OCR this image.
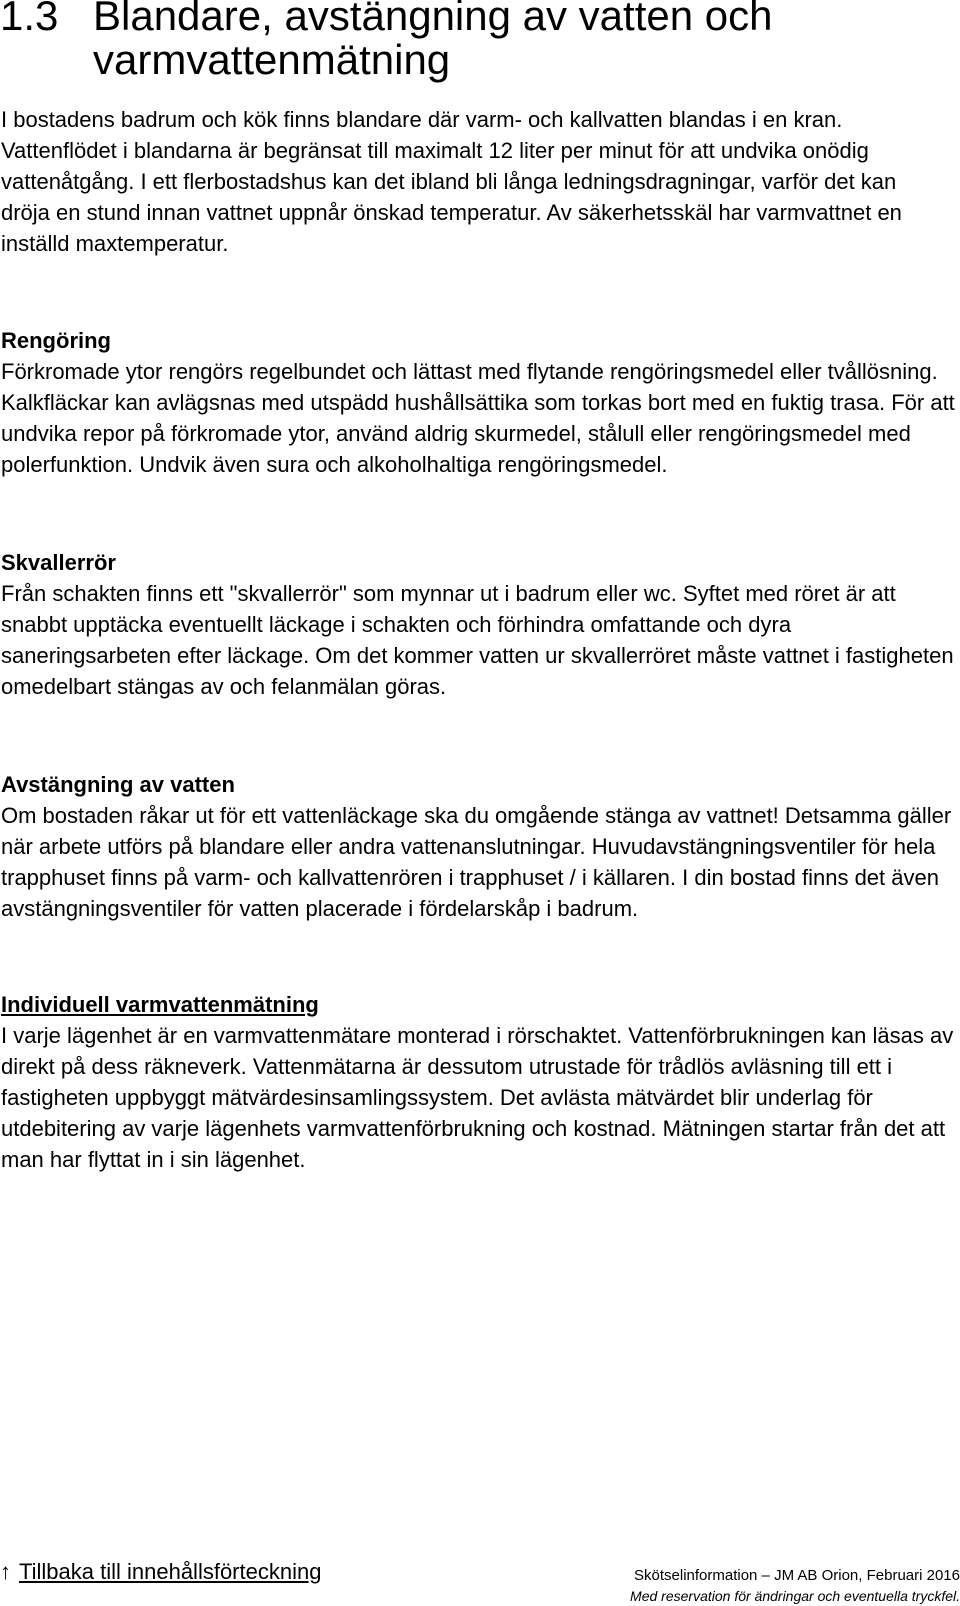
1.3 Blandare, avstängning av vatten och varmvattenmätning

I bostadens badrum och kök finns blandare där varm- och kallvatten blandas i en kran. Vattenflödet i blandarna är begränsat till maximalt 12 liter per minut för att undvika onödig vattenåtgång. I ett flerbostadshus kan det ibland bli långa ledningsdragningar, varför det kan dröja en stund innan vattnet uppnår önskad temperatur. Av säkerhetsskäl har varmvattnet en inställd maxtemperatur.

Rengöring

Förkromade ytor rengörs regelbundet och lättast med flytande rengöringsmedel eller tvållösning. Kalkfläckar kan avlägsnas med utspädd hushållsättika som torkas bort med en fuktig trasa. För att undvika repor på förkromade ytor, använd aldrig skurmedel, stålull eller rengöringsmedel med polerfunktion. Undvik även sura och alkoholhaltiga rengöringsmedel.

Skvallerrör

Från schakten finns ett "skvallerrör" som mynnar ut i badrum eller wc. Syftet med röret är att snabbt upptäcka eventuellt läckage i schakten och förhindra omfattande och dyra saneringsarbeten efter läckage. Om det kommer vatten ur skvallerröret måste vattnet i fastigheten omedelbart stängas av och felanmälan göras.

Avstängning av vatten

Om bostaden råkar ut för ett vattenläckage ska du omgående stänga av vattnet! Detsamma gäller när arbete utförs på blandare eller andra vattenanslutningar. Huvudavstängningsventiler för hela trapphuset finns på varm- och kallvattenrören i trapphuset / i källaren. I din bostad finns det även avstängningsventiler för vatten placerade i fördelarskåp i badrum.

Individuell varmvattenmätning

I varje lägenhet är en varmvattenmätare monterad i rörschaktet. Vattenförbrukningen kan läsas av direkt på dess räkneverk. Vattenmätarna är dessutom utrustade för trådlös avläsning till ett i fastigheten uppbyggt mätvärdesinsamlingssystem. Det avlästa mätvärdet blir underlag för utdebitering av varje lägenhets varmvattenförbrukning och kostnad. Mätningen startar från det att man har flyttat in i sin lägenhet.

↑ Tillbaka till innehållsförteckning	Skötselinformation – JM AB Orion, Februari 2016
Med reservation för ändringar och eventuella tryckfel.
